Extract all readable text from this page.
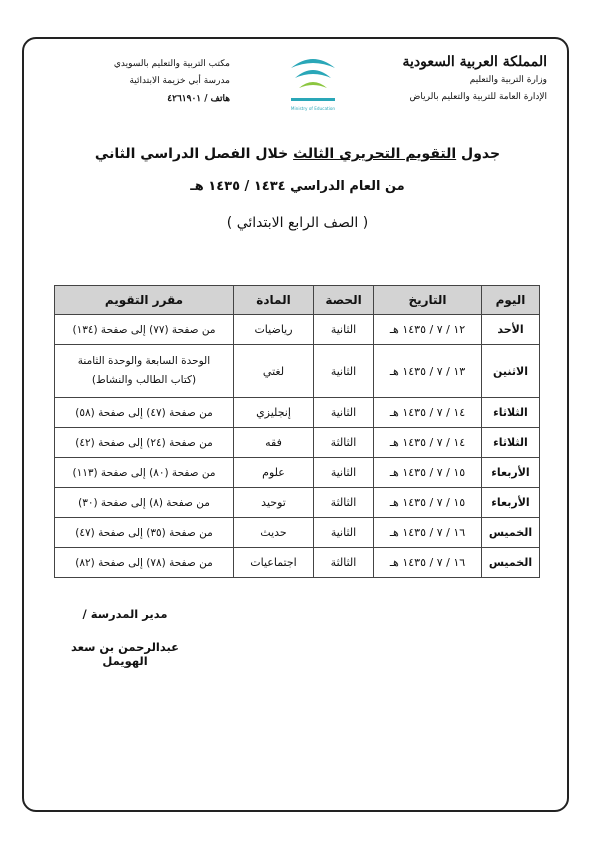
المملكة العربية السعودية
وزارة التربية والتعليم
الإدارة العامة للتربية والتعليم بالرياض
Ministry of Education
مكتب التربية والتعليم بالسويدي
مدرسة أبي خزيمة الابتدائية
هاتف / ٤٢٦١٩٠١
جدول التقويم التحريري الثالث خلال الفصل الدراسي الثاني
من العام الدراسي ١٤٣٤ / ١٤٣٥ هـ
( الصف الرابع الابتدائي )
اليوم	التاريخ	الحصة	المادة	مقرر التقويم
الأحد	١٢ / ٧ / ١٤٣٥ هـ	الثانية	رياضيات	من صفحة (٧٧) إلى صفحة (١٣٤)
الاثنين	١٣ / ٧ / ١٤٣٥ هـ	الثانية	لغتي	الوحدة السابعة والوحدة الثامنة
(كتاب الطالب والنشاط)

الثلاثاء	١٤ / ٧ / ١٤٣٥ هـ	الثانية	إنجليزي	من صفحة (٤٧) إلى صفحة (٥٨)
الثلاثاء	١٤ / ٧ / ١٤٣٥ هـ	الثالثة	فقه	من صفحة (٢٤) إلى صفحة (٤٢)
الأربعاء	١٥ / ٧ / ١٤٣٥ هـ	الثانية	علوم	من صفحة (٨٠) إلى صفحة (١١٣)
الأربعاء	١٥ / ٧ / ١٤٣٥ هـ	الثالثة	توحيد	من صفحة (٨) إلى صفحة (٣٠)
الخميس	١٦ / ٧ / ١٤٣٥ هـ	الثانية	حديث	من صفحة (٣٥) إلى صفحة (٤٧)
الخميس	١٦ / ٧ / ١٤٣٥ هـ	الثالثة	اجتماعيات	من صفحة (٧٨) إلى صفحة (٨٢)
مدير المدرسة /
عبدالرحمن بن سعد الهويمل
